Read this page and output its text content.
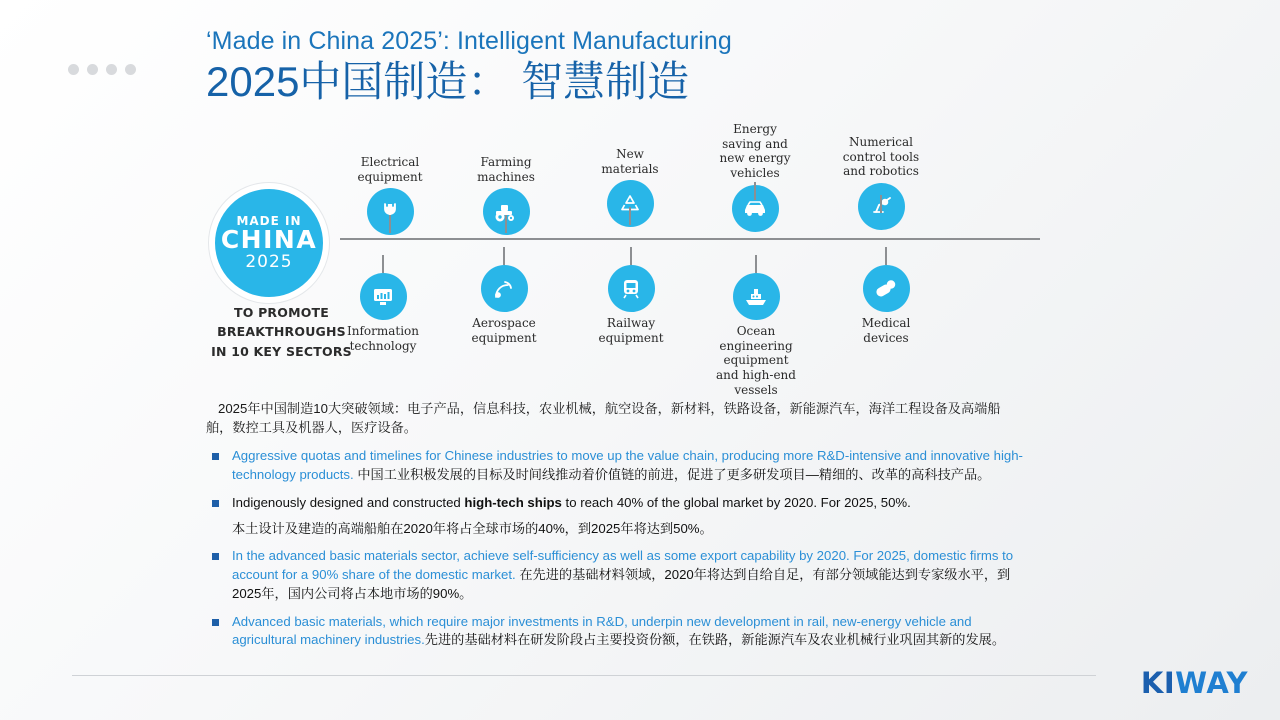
‘Made in China 2025’: Intelligent Manufacturing
2025中国制造： 智慧制造
MADE IN
CHINA
2025
TO PROMOTE BREAKTHROUGHS
IN 10 KEY SECTORS
Electrical
equipment
Farming
machines
New
materials
Energy
saving and
new energy
vehicles
Numerical
control tools
and robotics
Information
technology
Aerospace
equipment
Railway
equipment	Ocean
engineering
equipment
and high-end
vessels
Medical
devices
2025年中国制造10大突破领域：电子产品，信息科技，农业机械，航空设备，新材料，铁路设备，新能源汽车，海洋工程设备及高端船舶，数控工具及机器人，医疗设备。
Aggressive quotas and timelines for Chinese industries to move up the value chain, producing more R&D-intensive and innovative high-technology products. 中国工业积极发展的目标及时间线推动着价值链的前进，促进了更多研发项目—精细的、改革的高科技产品。
Indigenously designed and constructed high-tech ships to reach 40% of the global market by 2020. For 2025, 50%.
本土设计及建造的高端船舶在2020年将占全球市场的40%，到2025年将达到50%。
In the advanced basic materials sector, achieve self-sufficiency as well as some export capability by 2020. For 2025, domestic firms to account for a 90% share of the domestic market. 在先进的基础材料领域，2020年将达到自给自足，有部分领域能达到专家级水平，到2025年，国内公司将占本地市场的90%。
Advanced basic materials, which require major investments in R&D, underpin new development in rail, new-energy vehicle and agricultural machinery industries.先进的基础材料在研发阶段占主要投资份额，在铁路，新能源汽车及农业机械行业巩固其新的发展。
KIWAY
